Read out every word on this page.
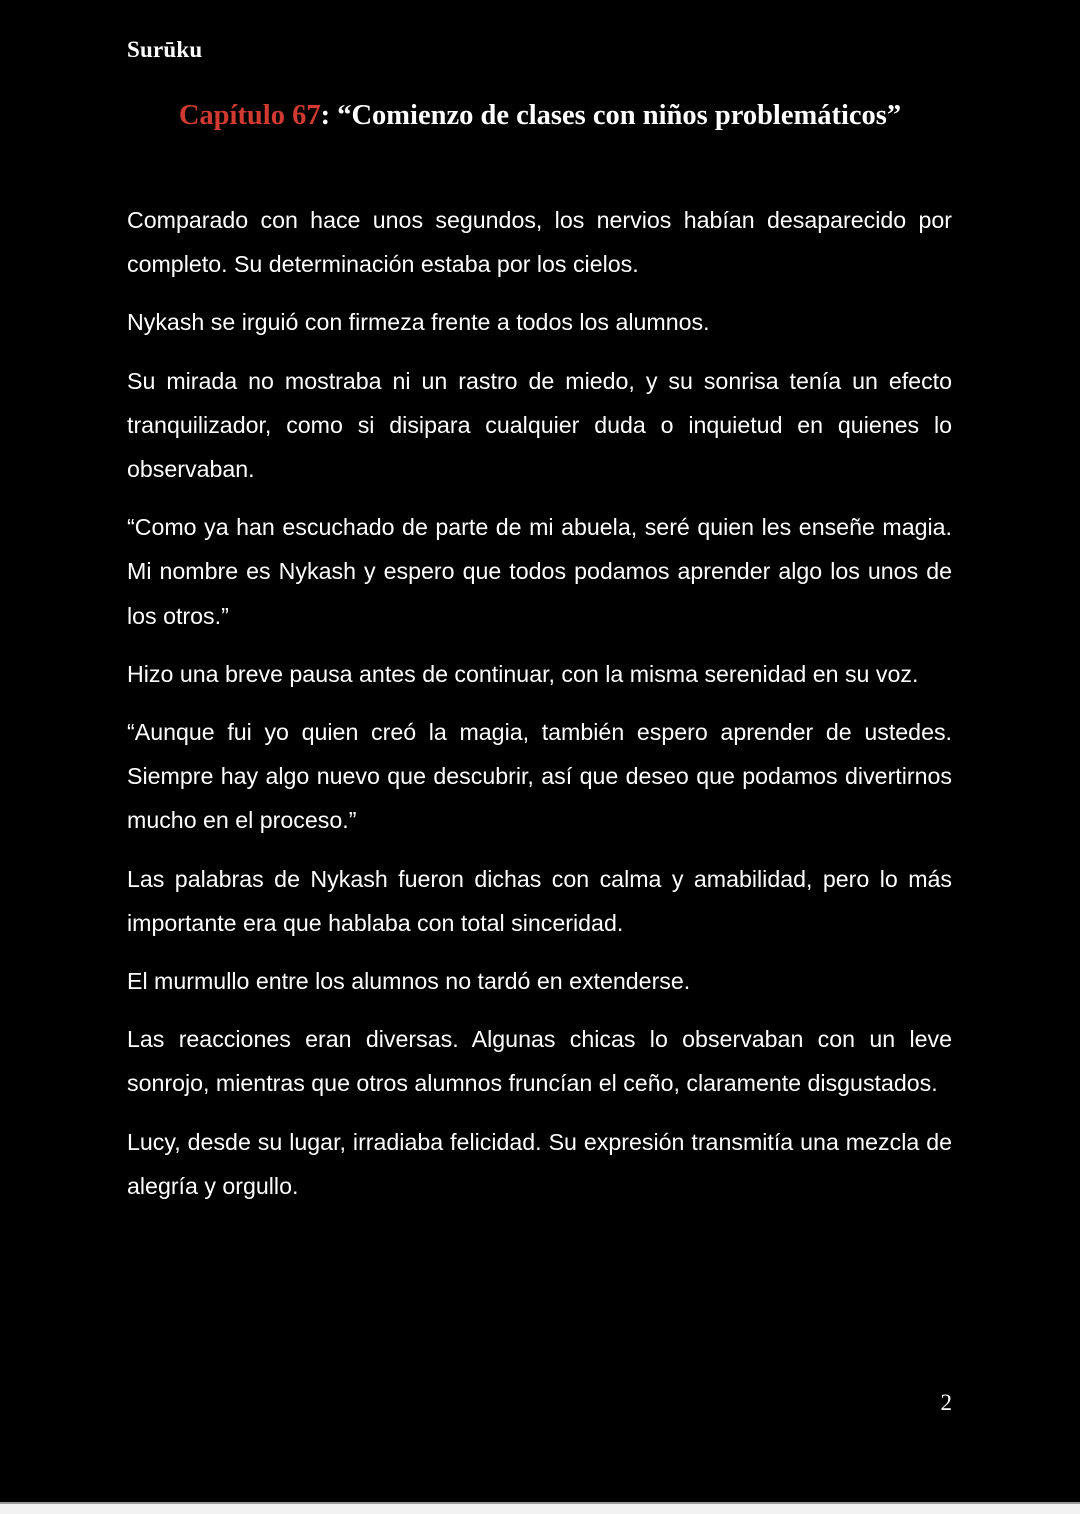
Surūku
Capítulo 67: “Comienzo de clases con niños problemáticos”

Comparado con hace unos segundos, los nervios habían desaparecido por completo. Su determinación estaba por los cielos.

Nykash se irguió con firmeza frente a todos los alumnos.

Su mirada no mostraba ni un rastro de miedo, y su sonrisa tenía un efecto tranquilizador, como si disipara cualquier duda o inquietud en quienes lo observaban.

“Como ya han escuchado de parte de mi abuela, seré quien les enseñe magia. Mi nombre es Nykash y espero que todos podamos aprender algo los unos de los otros.”

Hizo una breve pausa antes de continuar, con la misma serenidad en su voz.

“Aunque fui yo quien creó la magia, también espero aprender de ustedes. Siempre hay algo nuevo que descubrir, así que deseo que podamos divertirnos mucho en el proceso.”

Las palabras de Nykash fueron dichas con calma y amabilidad, pero lo más importante era que hablaba con total sinceridad.

El murmullo entre los alumnos no tardó en extenderse.

Las reacciones eran diversas. Algunas chicas lo observaban con un leve sonrojo, mientras que otros alumnos fruncían el ceño, claramente disgustados.

Lucy, desde su lugar, irradiaba felicidad. Su expresión transmitía una mezcla de alegría y orgullo.

2
